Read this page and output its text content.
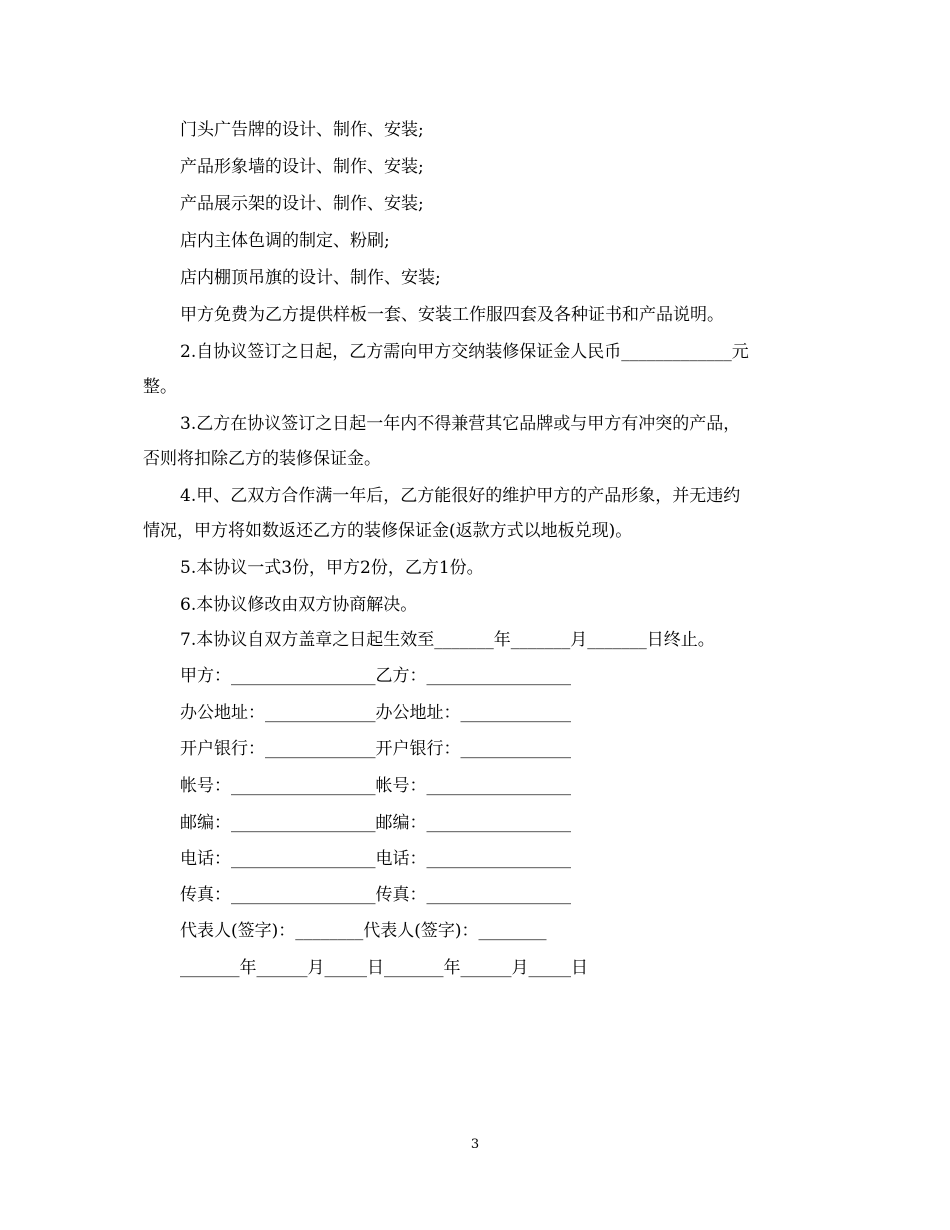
门头广告牌的设计、制作、安装;
产品形象墙的设计、制作、安装;
产品展示架的设计、制作、安装;
店内主体色调的制定、粉刷;
店内棚顶吊旗的设计、制作、安装;
甲方免费为乙方提供样板一套、安装工作服四套及各种证书和产品说明。
2.自协议签订之日起，乙方需向甲方交纳装修保证金人民币_____________元
整。
3.乙方在协议签订之日起一年内不得兼营其它品牌或与甲方有冲突的产品，
否则将扣除乙方的装修保证金。
4.甲、乙双方合作满一年后，乙方能很好的维护甲方的产品形象，并无违约
情况，甲方将如数返还乙方的装修保证金(返款方式以地板兑现)。
5.本协议一式3份，甲方2份，乙方1份。
6.本协议修改由双方协商解决。
7.本协议自双方盖章之日起生效至_______年_______月_______日终止。
甲方：_________________乙方：_________________
办公地址：_____________办公地址：_____________
开户银行：_____________开户银行：_____________
帐号：_________________帐号：_________________
邮编：_________________邮编：_________________
电话：_________________电话：_________________
传真：_________________传真：_________________
代表人(签字)：________代表人(签字)：________
_______年______月_____日_______年______月_____日
3
